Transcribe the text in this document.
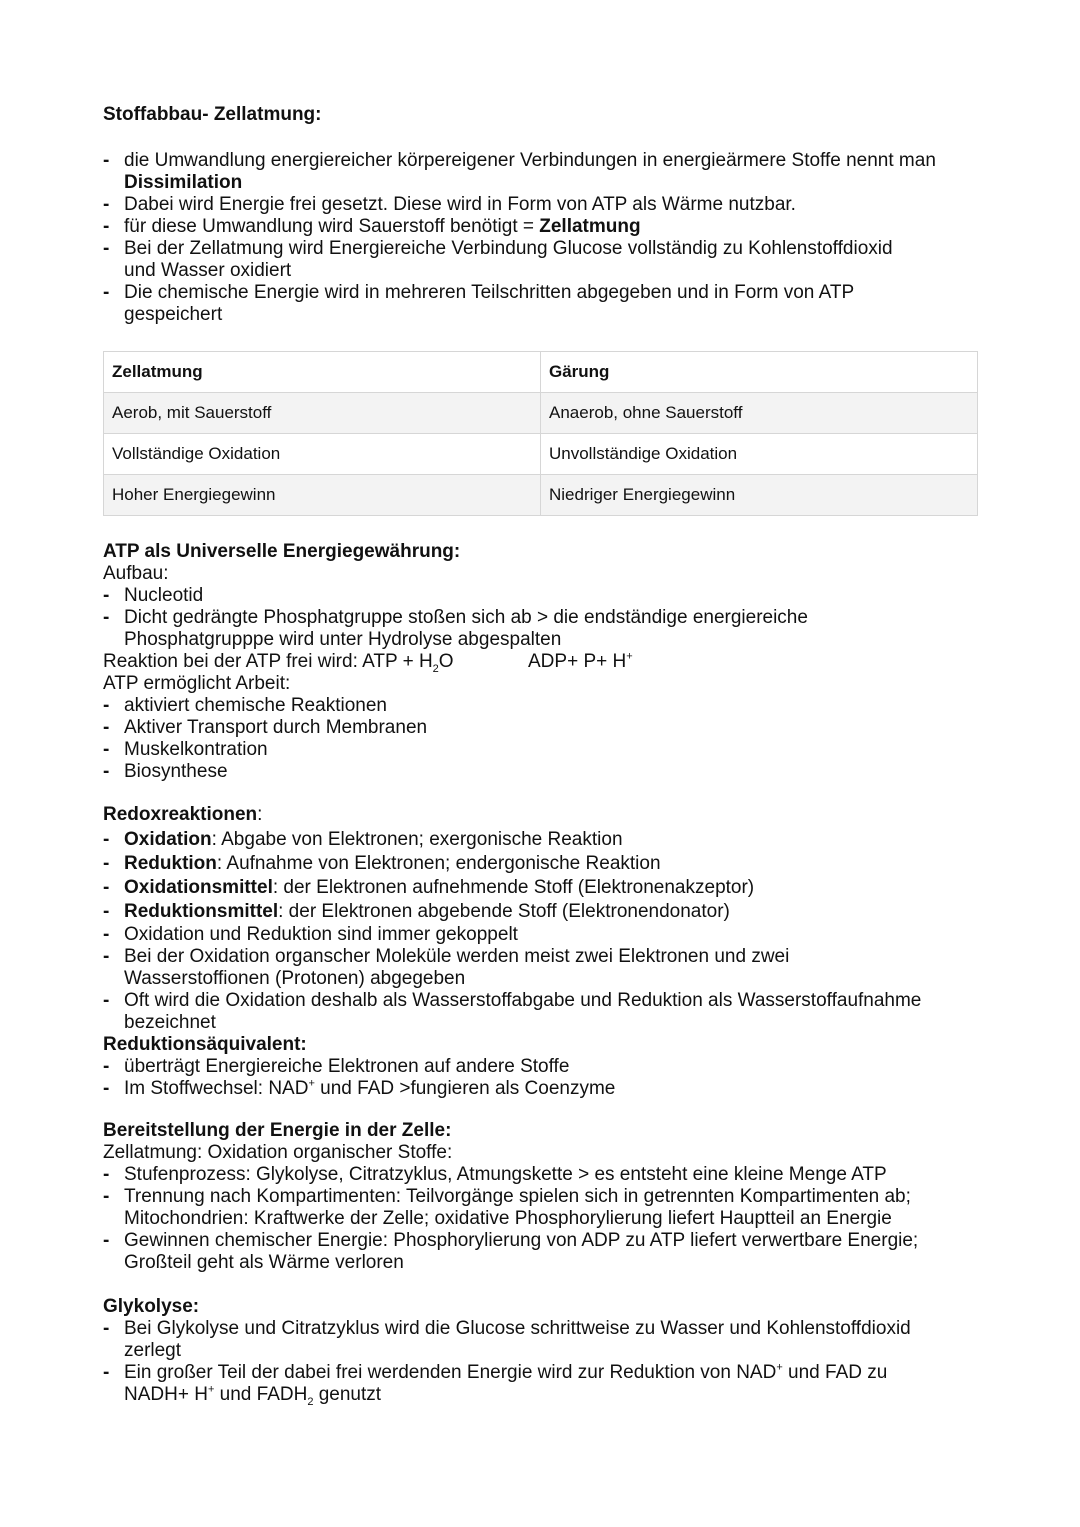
Stoffabbau- Zellatmung:
- die Umwandlung energiereicher körpereigener Verbindungen in energieärmere Stoffe nennt man
Dissimilation
- Dabei wird Energie frei gesetzt. Diese wird in Form von ATP als Wärme nutzbar.
- für diese Umwandlung wird Sauerstoff benötigt = Zellatmung
- Bei der Zellatmung wird Energiereiche Verbindung Glucose vollständig zu Kohlenstoffdioxid
und Wasser oxidiert
- Die chemische Energie wird in mehreren Teilschritten abgegeben und in Form von ATP
gespeichert
Zellatmung	Gärung
Aerob, mit Sauerstoff	Anaerob, ohne Sauerstoff
Vollständige Oxidation	Unvollständige Oxidation
Hoher Energiegewinn	Niedriger Energiegewinn
ATP als Universelle Energiegewährung:
Aufbau:
- Nucleotid
- Dicht gedrängte Phosphatgruppe stoßen sich ab > die endständige energiereiche
Phosphatgrupppe wird unter Hydrolyse abgespalten
Reaktion bei der ATP frei wird: ATP + $H_2O$	ADP+ P+ H+
ATP ermöglicht Arbeit:
- aktiviert chemische Reaktionen
- Aktiver Transport durch Membranen
- Muskelkontration
- Biosynthese
Redoxreaktionen:
- Oxidation: Abgabe von Elektronen; exergonische Reaktion
- Reduktion: Aufnahme von Elektronen; endergonische Reaktion
- Oxidationsmittel: der Elektronen aufnehmende Stoff (Elektronenakzeptor)
- Reduktionsmittel: der Elektronen abgebende Stoff (Elektronendonator)
- Oxidation und Reduktion sind immer gekoppelt
- Bei der Oxidation organscher Moleküle werden meist zwei Elektronen und zwei
Wasserstoffionen (Protonen) abgegeben
- Oft wird die Oxidation deshalb als Wasserstoffabgabe und Reduktion als Wasserstoffaufnahme
bezeichnet
Reduktionsäquivalent:
- überträgt Energiereiche Elektronen auf andere Stoffe
- Im Stoffwechsel: NAD+ und FAD >fungieren als Coenzyme
Bereitstellung der Energie in der Zelle:
Zellatmung: Oxidation organischer Stoffe:
- Stufenprozess: Glykolyse, Citratzyklus, Atmungskette > es entsteht eine kleine Menge ATP
- Trennung nach Kompartimenten: Teilvorgänge spielen sich in getrennten Kompartimenten ab;
Mitochondrien: Kraftwerke der Zelle; oxidative Phosphorylierung liefert Hauptteil an Energie
- Gewinnen chemischer Energie: Phosphorylierung von ADP zu ATP liefert verwertbare Energie;
Großteil geht als Wärme verloren
Glykolyse:
- Bei Glykolyse und Citratzyklus wird die Glucose schrittweise zu Wasser und Kohlenstoffdioxid
zerlegt
- Ein großer Teil der dabei frei werdenden Energie wird zur Reduktion von NAD+ und FAD zu
NADH+ H+ und $FADH_2$ genutzt
